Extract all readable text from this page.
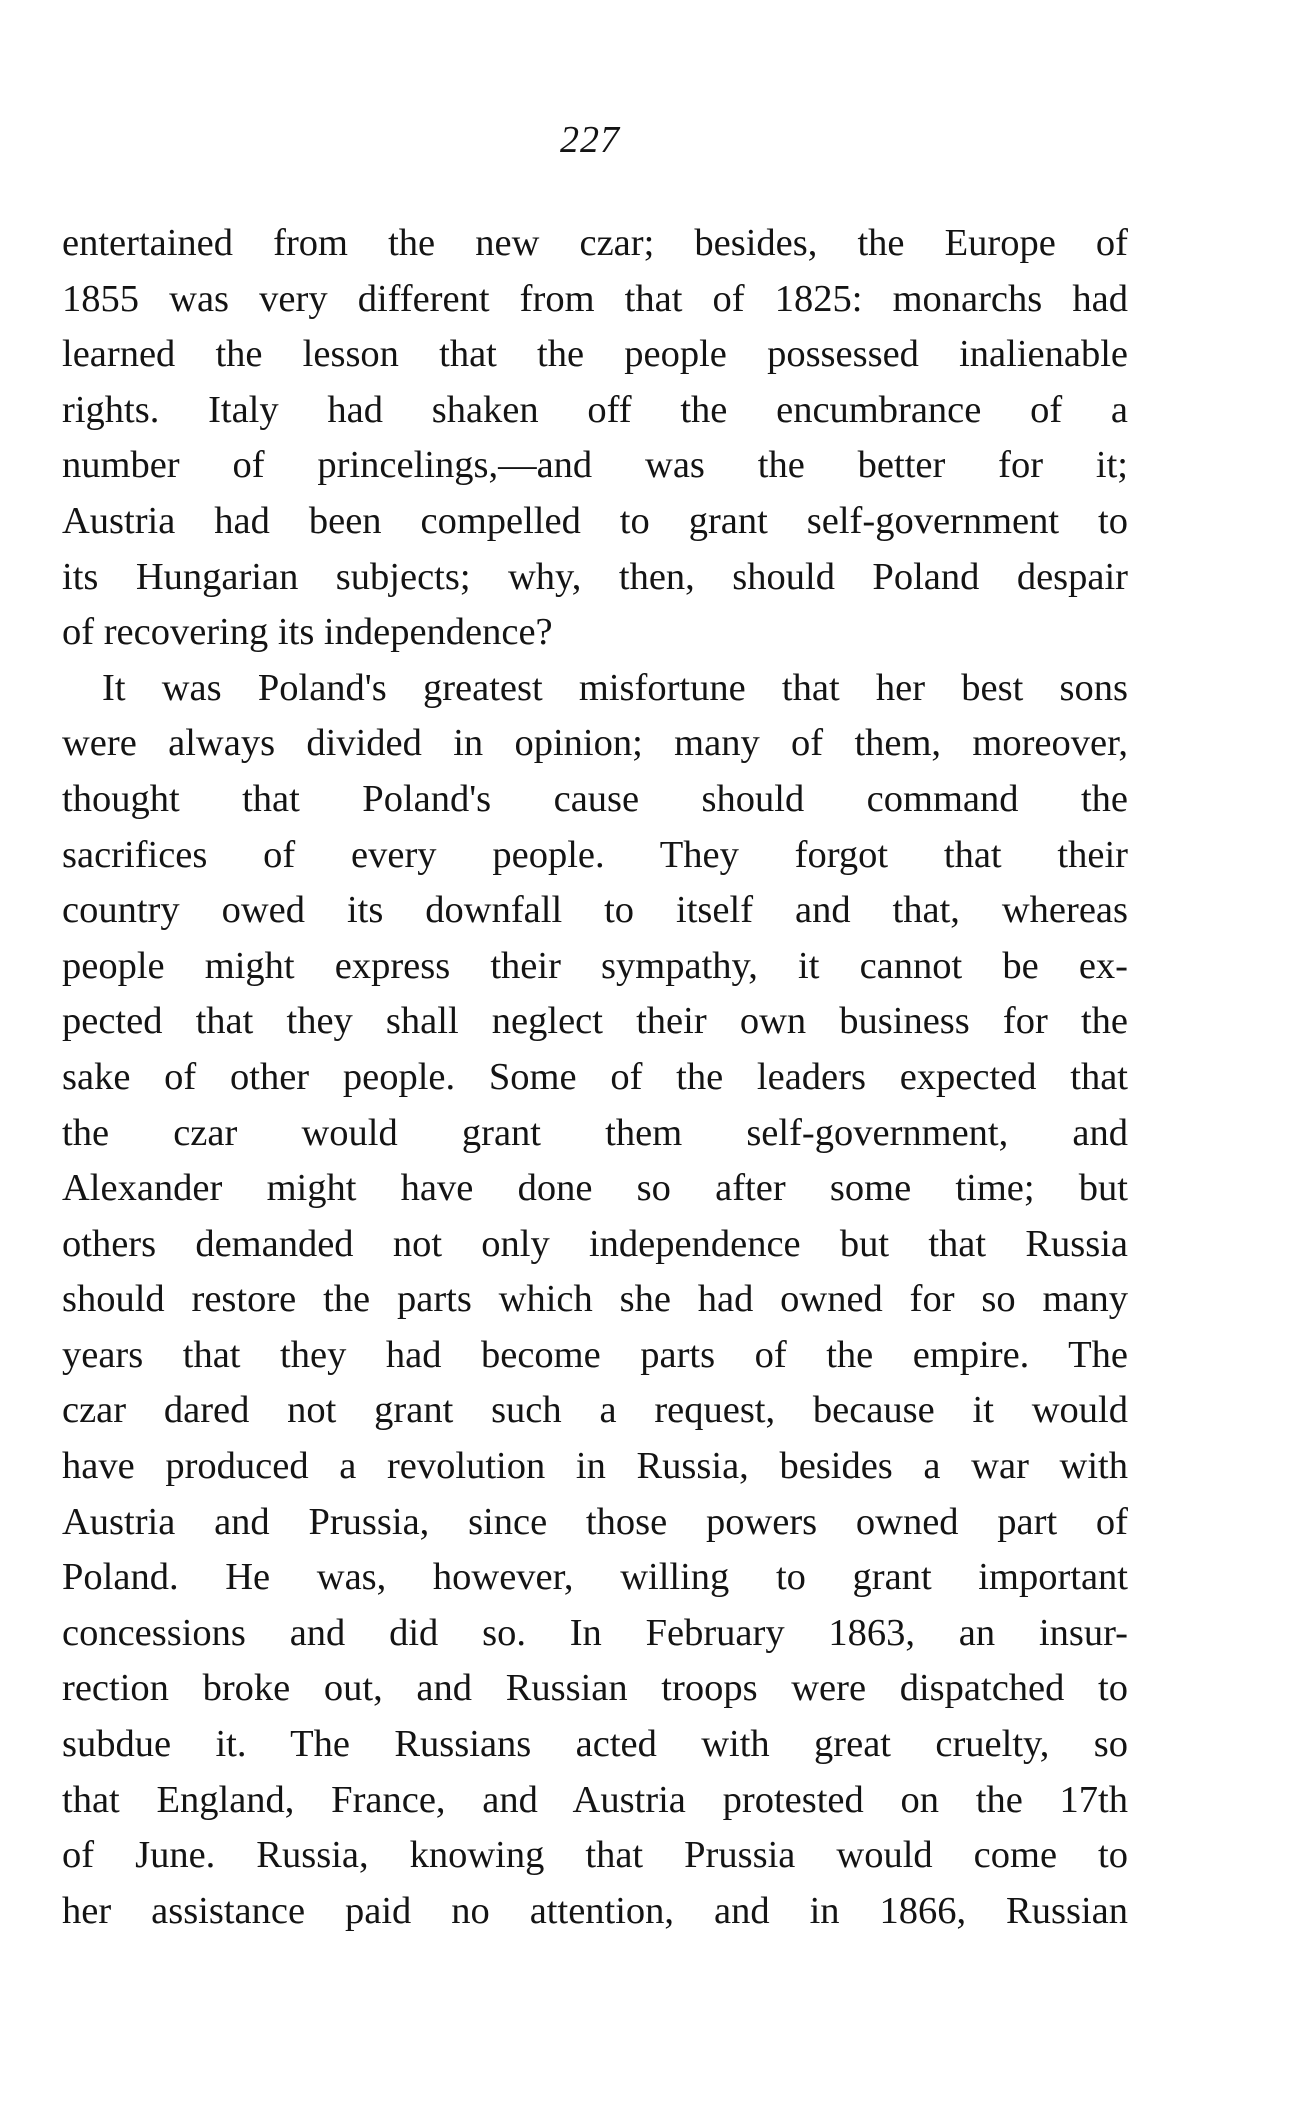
227
entertained from the new czar; besides, the Europe of
1855 was very different from that of 1825: monarchs had
learned the lesson that the people possessed inalienable
rights. Italy had shaken off the encumbrance of a
number of princelings,—and was the better for it;
Austria had been compelled to grant self-government to
its Hungarian subjects; why, then, should Poland despair
of recovering its independence?
It was Poland's greatest misfortune that her best sons
were always divided in opinion; many of them, moreover,
thought that Poland's cause should command the
sacrifices of every people. They forgot that their
country owed its downfall to itself and that, whereas
people might express their sympathy, it cannot be ex-
pected that they shall neglect their own business for the
sake of other people. Some of the leaders expected that
the czar would grant them self-government, and
Alexander might have done so after some time; but
others demanded not only independence but that Russia
should restore the parts which she had owned for so many
years that they had become parts of the empire. The
czar dared not grant such a request, because it would
have produced a revolution in Russia, besides a war with
Austria and Prussia, since those powers owned part of
Poland. He was, however, willing to grant important
concessions and did so. In February 1863, an insur-
rection broke out, and Russian troops were dispatched to
subdue it. The Russians acted with great cruelty, so
that England, France, and Austria protested on the 17th
of June. Russia, knowing that Prussia would come to
her assistance paid no attention, and in 1866, Russian
